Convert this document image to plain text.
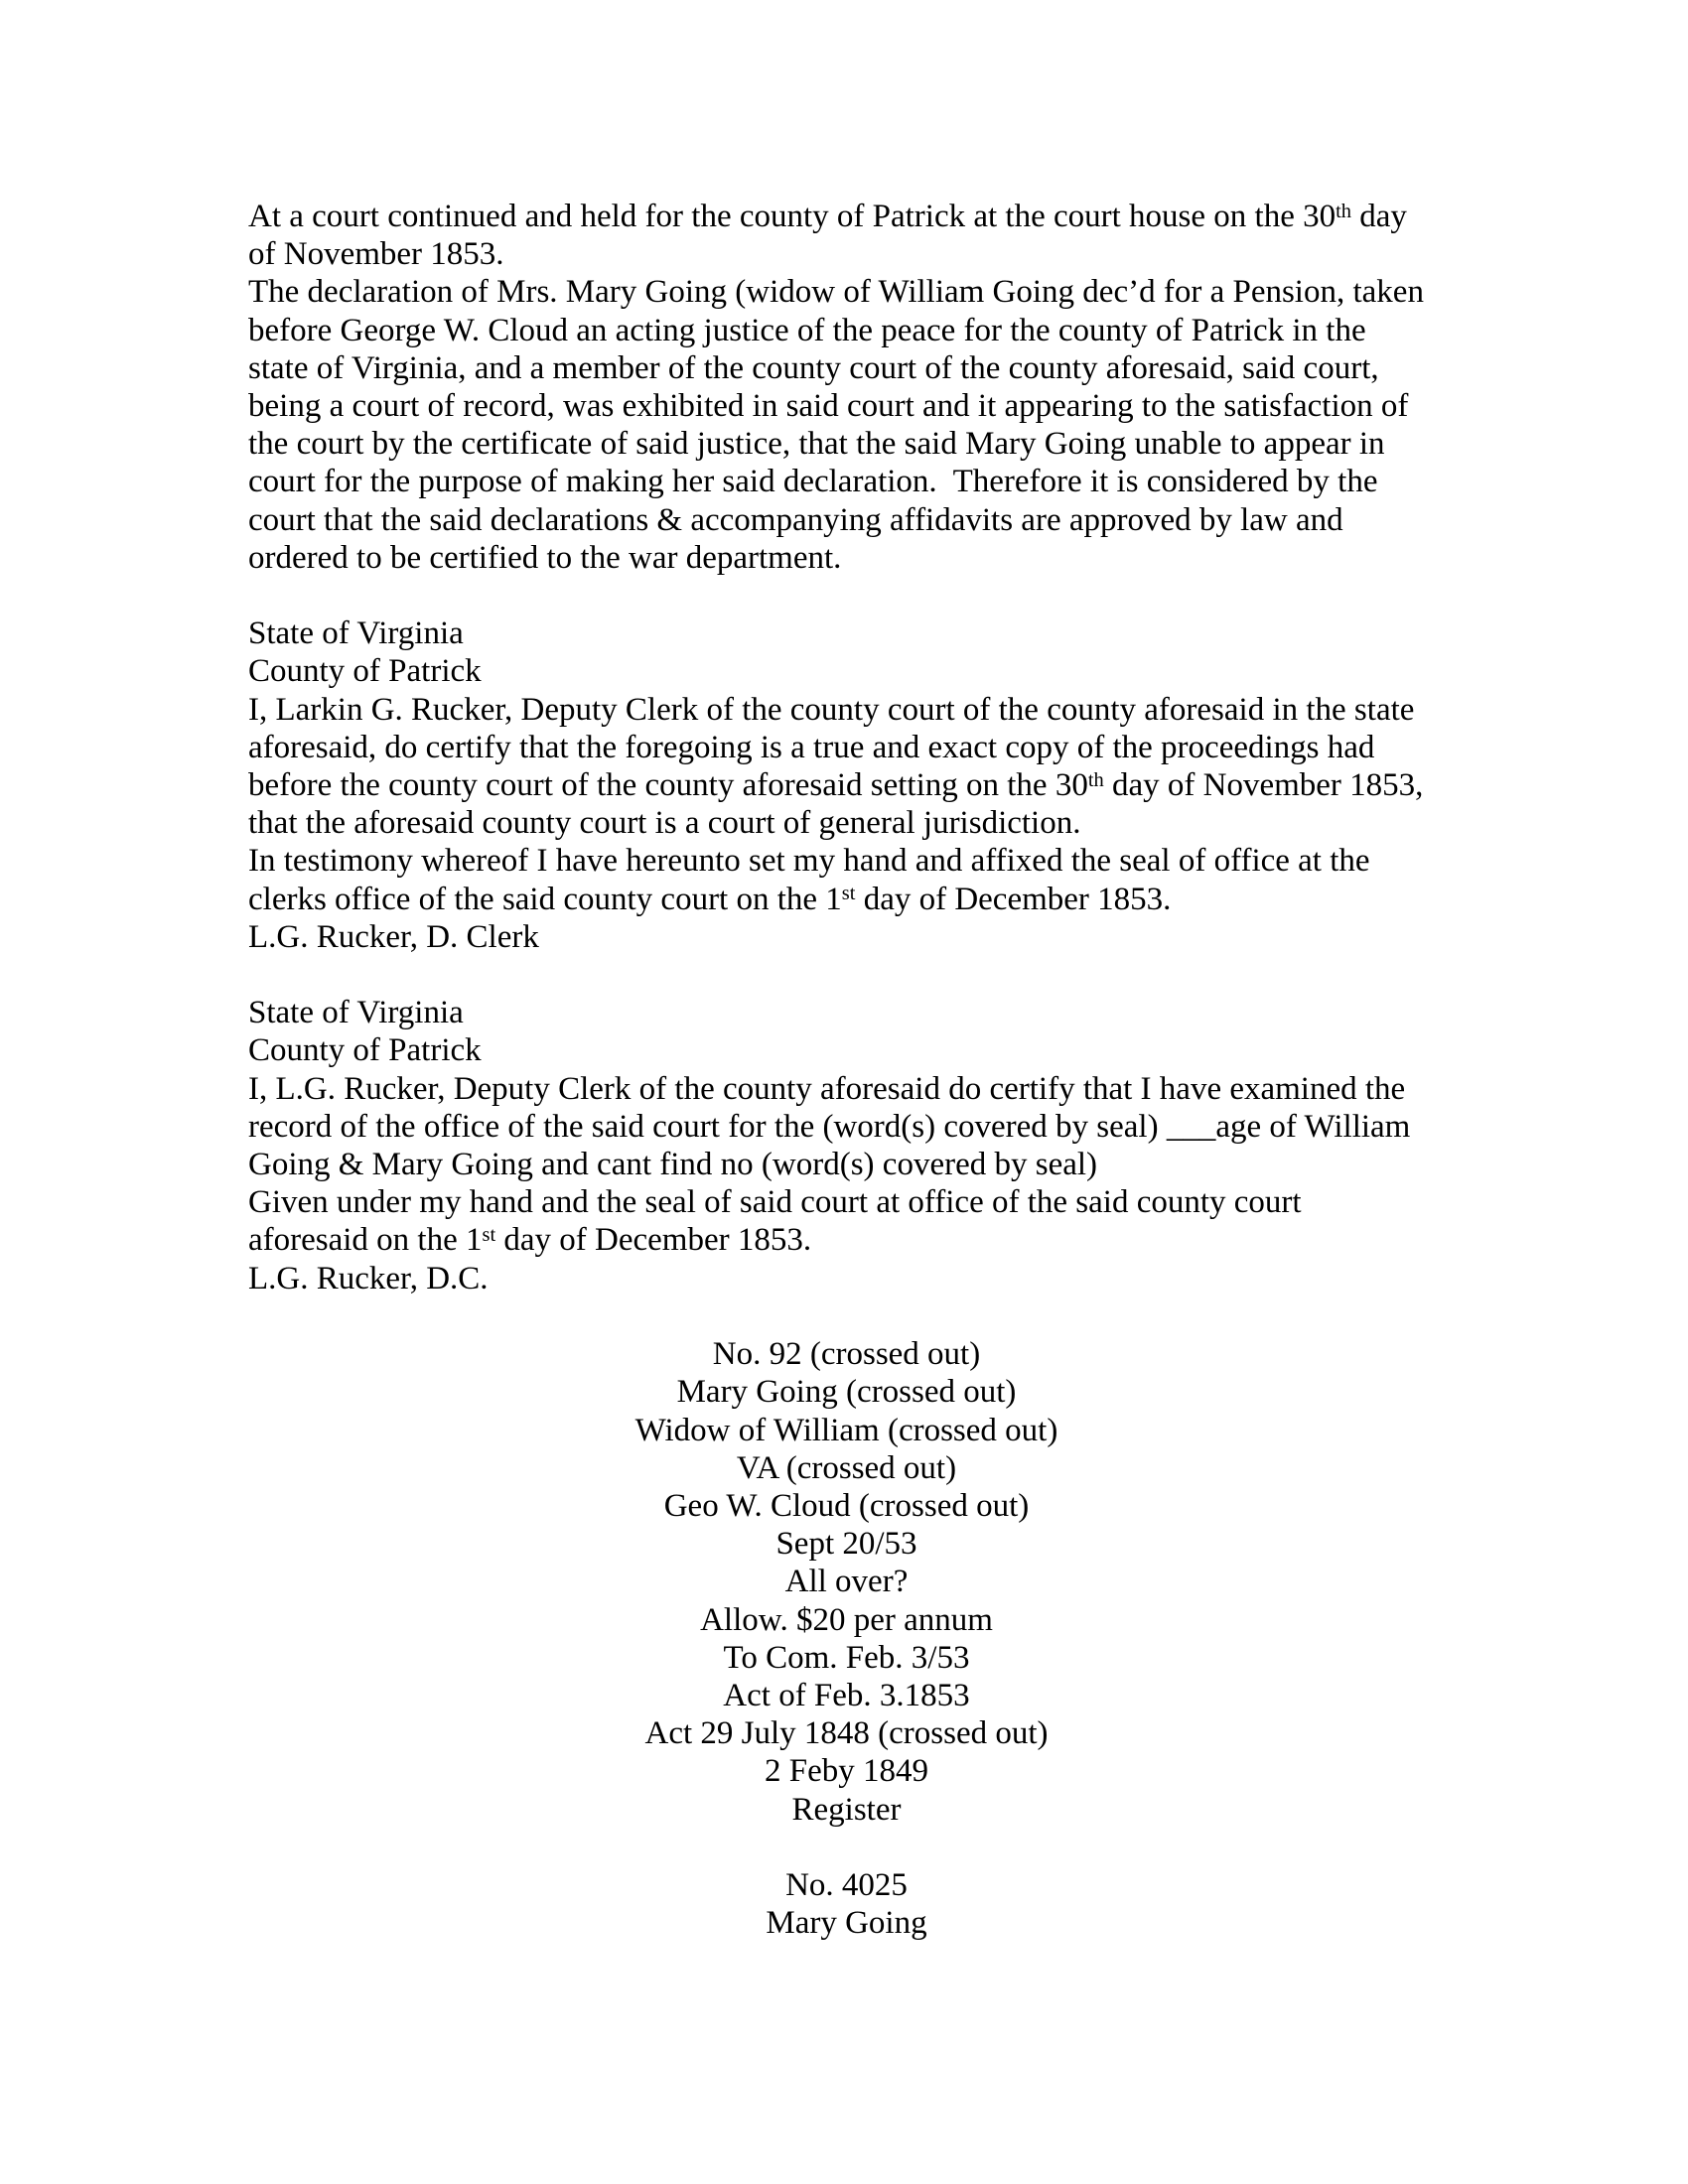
At a court continued and held for the county of Patrick at the court house on the 30th day
of November 1853.
The declaration of Mrs. Mary Going (widow of William Going dec’d for a Pension, taken
before George W. Cloud an acting justice of the peace for the county of Patrick in the
state of Virginia, and a member of the county court of the county aforesaid, said court,
being a court of record, was exhibited in said court and it appearing to the satisfaction of
the court by the certificate of said justice, that the said Mary Going unable to appear in
court for the purpose of making her said declaration.  Therefore it is considered by the
court that the said declarations & accompanying affidavits are approved by law and
ordered to be certified to the war department.

State of Virginia
County of Patrick
I, Larkin G. Rucker, Deputy Clerk of the county court of the county aforesaid in the state
aforesaid, do certify that the foregoing is a true and exact copy of the proceedings had
before the county court of the county aforesaid setting on the 30th day of November 1853,
that the aforesaid county court is a court of general jurisdiction.
In testimony whereof I have hereunto set my hand and affixed the seal of office at the
clerks office of the said county court on the 1st day of December 1853.
L.G. Rucker, D. Clerk

State of Virginia
County of Patrick
I, L.G. Rucker, Deputy Clerk of the county aforesaid do certify that I have examined the
record of the office of the said court for the (word(s) covered by seal) ___age of William
Going & Mary Going and cant find no (word(s) covered by seal)
Given under my hand and the seal of said court at office of the said county court
aforesaid on the 1st day of December 1853.
L.G. Rucker, D.C.

No. 92 (crossed out)
Mary Going (crossed out)
Widow of William (crossed out)
VA (crossed out)
Geo W. Cloud (crossed out)
Sept 20/53
All over?
Allow. $20 per annum
To Com. Feb. 3/53
Act of Feb. 3.1853
Act 29 July 1848 (crossed out)
2 Feby 1849
Register

No. 4025
Mary Going
